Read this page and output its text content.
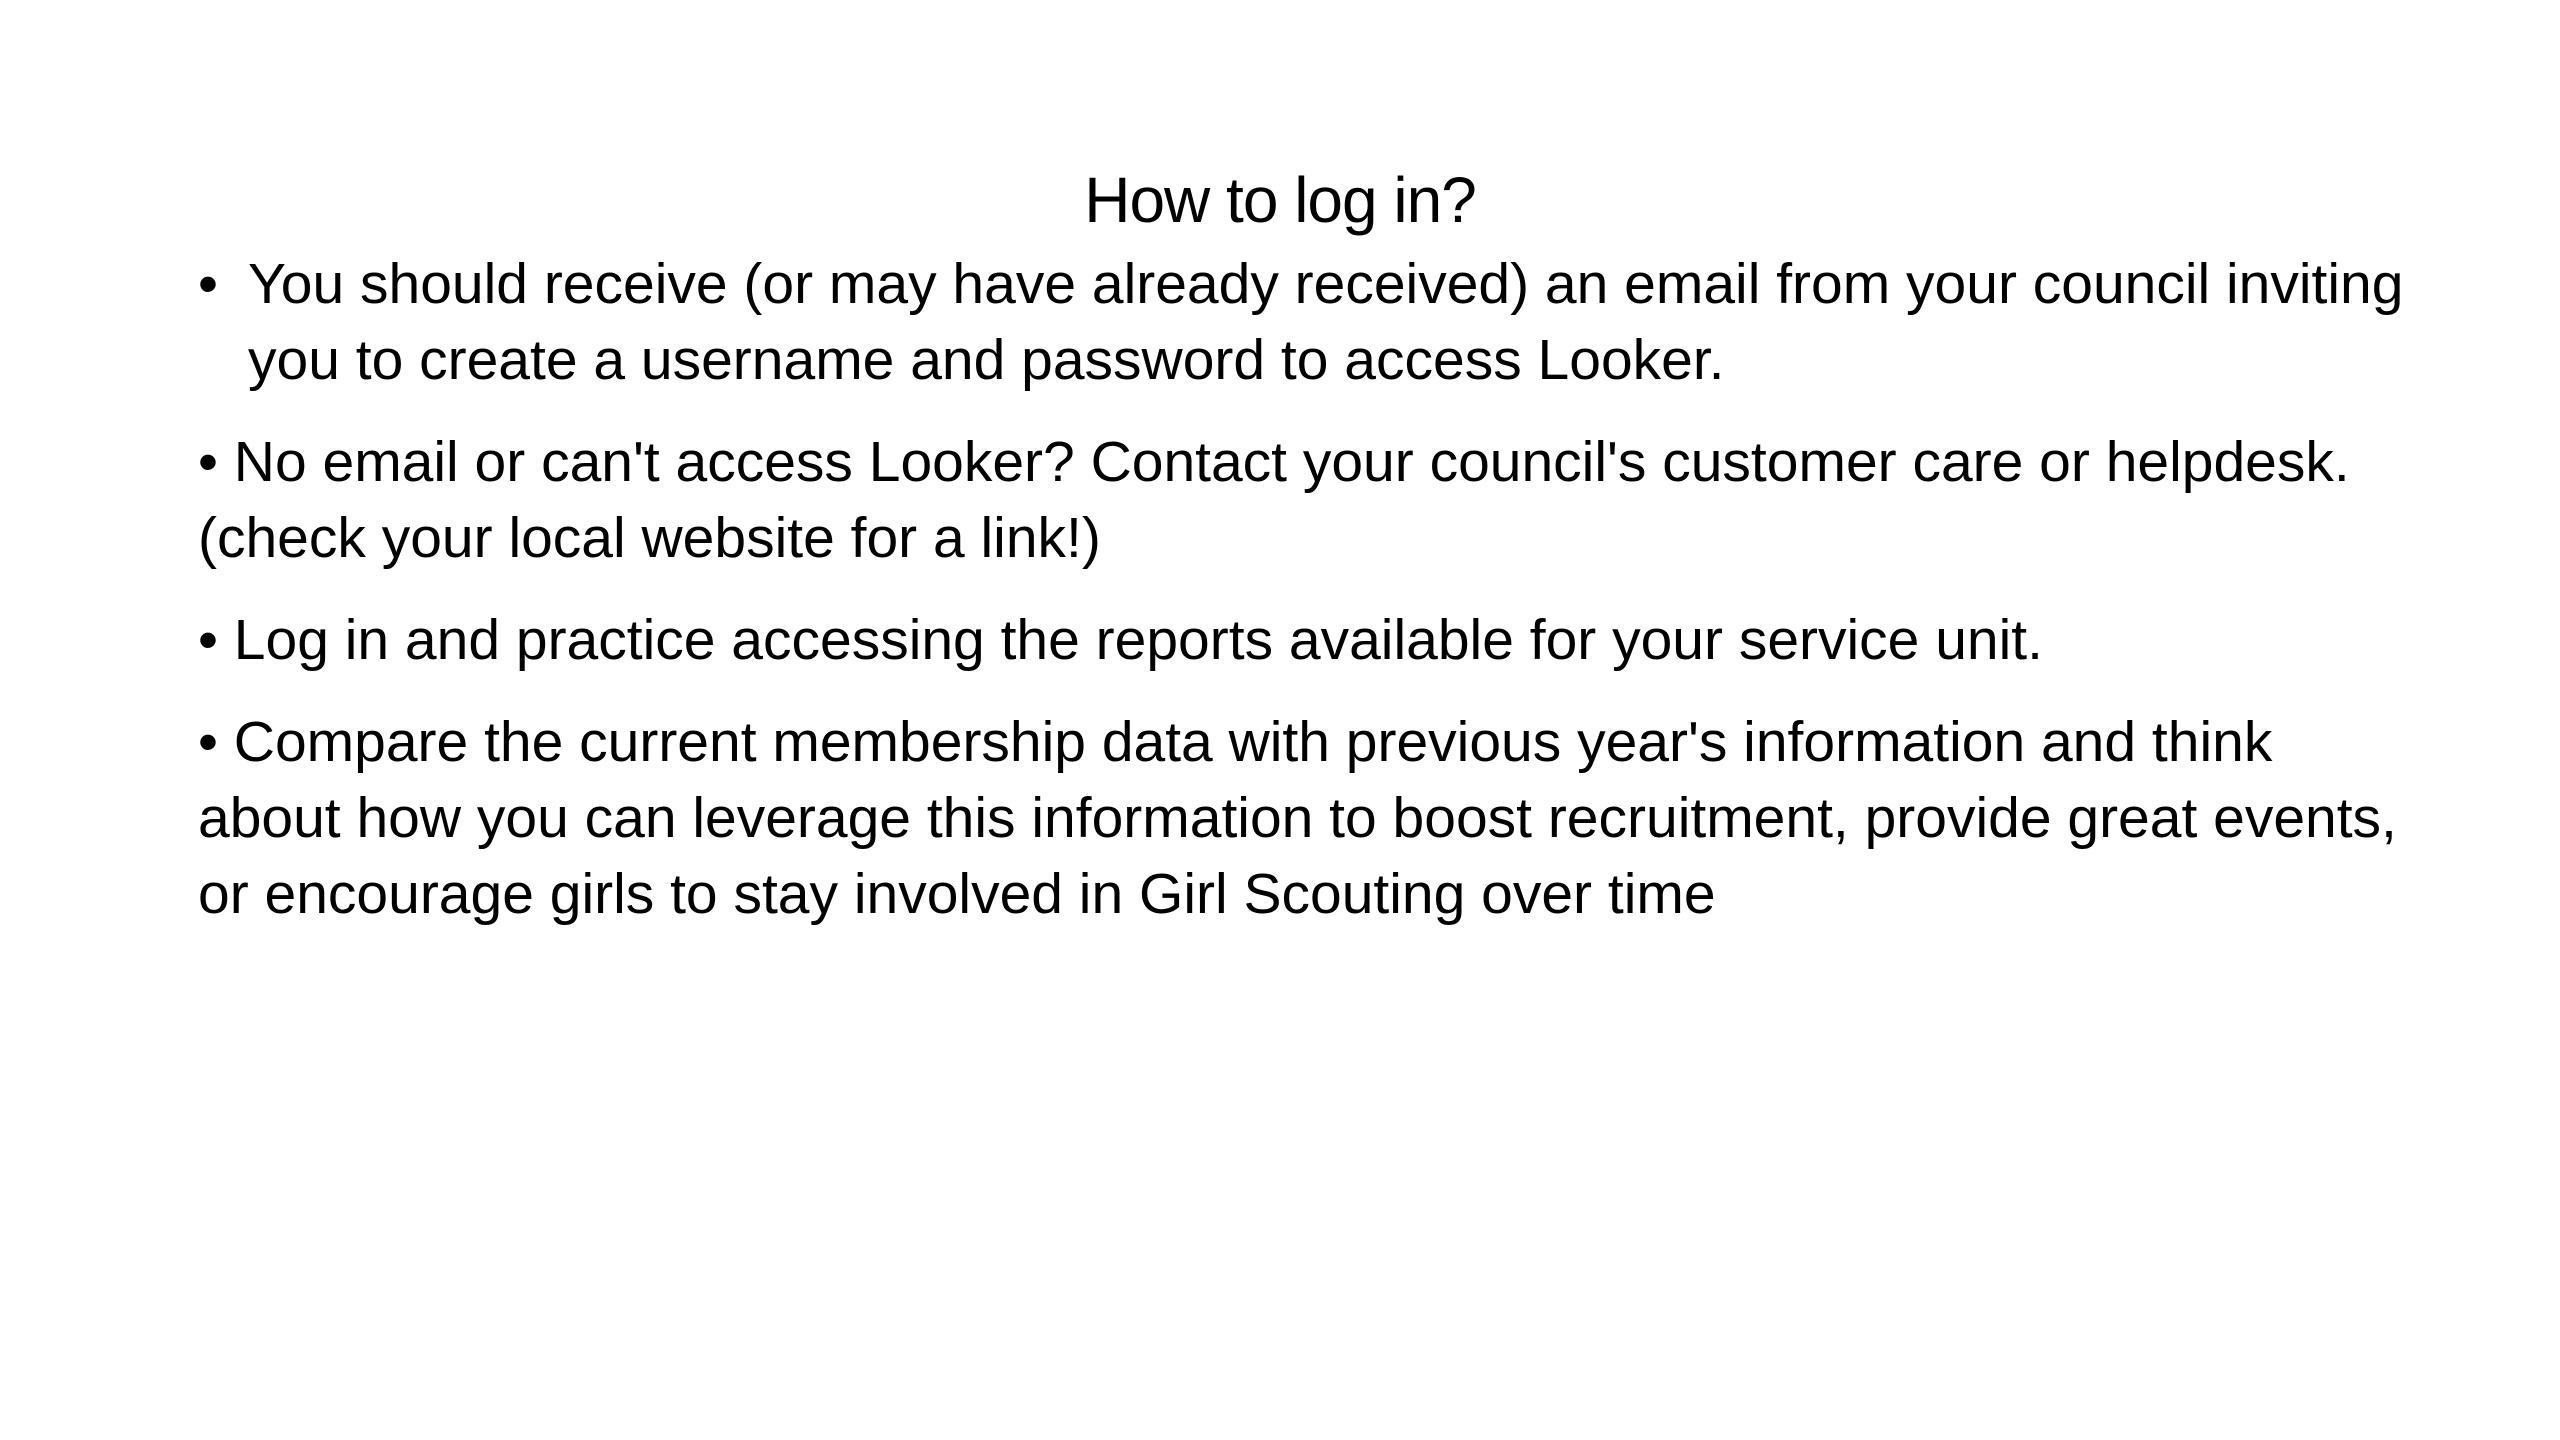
How to log in?
• You should receive (or may have already received) an email from your council inviting you to create a username and password to access Looker.
• No email or can't access Looker? Contact your council's customer care or helpdesk. (check your local website for a link!)
• Log in and practice accessing the reports available for your service unit.
• Compare the current membership data with previous year's information and think about how you can leverage this information to boost recruitment, provide great events, or encourage girls to stay involved in Girl Scouting over time
